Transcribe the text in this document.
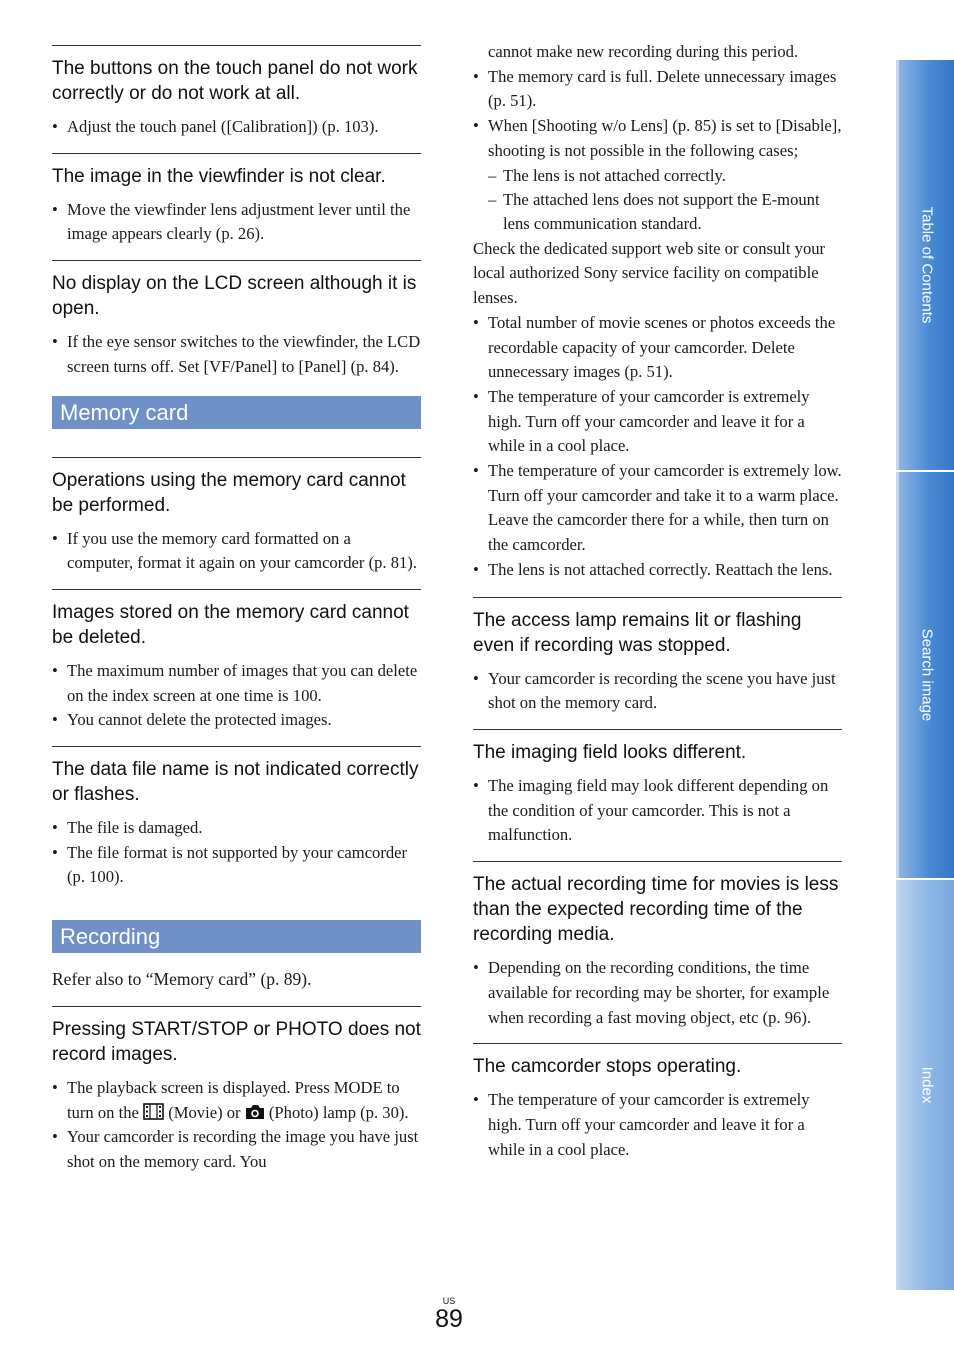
The buttons on the touch panel do not work correctly or do not work at all.

• Adjust the touch panel ([Calibration]) (p. 103).

The image in the viewfinder is not clear.

• Move the viewfinder lens adjustment lever until the image appears clearly (p. 26).

No display on the LCD screen although it is open.

• If the eye sensor switches to the viewfinder, the LCD screen turns off. Set [VF/Panel] to [Panel] (p. 84).
Memory card

Operations using the memory card cannot be performed.

• If you use the memory card formatted on a computer, format it again on your camcorder (p. 81).

Images stored on the memory card cannot be deleted.

• The maximum number of images that you can delete on the index screen at one time is 100.
• You cannot delete the protected images.

The data file name is not indicated correctly or flashes.

• The file is damaged.
• The file format is not supported by your camcorder (p. 100).
Recording

Refer also to “Memory card” (p. 89).

Pressing START/STOP or PHOTO does not record images.

• The playback screen is displayed. Press MODE to turn on the (Movie) or (Photo) lamp (p. 30).
• Your camcorder is recording the image you have just shot on the memory card. You

cannot make new recording during this period.

• The memory card is full. Delete unnecessary images (p. 51).
• When [Shooting w/o Lens] (p. 85) is set to [Disable], shooting is not possible in the following cases;
– The lens is not attached correctly.
– The attached lens does not support the E-mount lens communication standard.

Check the dedicated support web site or consult your local authorized Sony service facility on compatible lenses.

• Total number of movie scenes or photos exceeds the recordable capacity of your camcorder. Delete unnecessary images (p. 51).
• The temperature of your camcorder is extremely high. Turn off your camcorder and leave it for a while in a cool place.
• The temperature of your camcorder is extremely low. Turn off your camcorder and take it to a warm place. Leave the camcorder there for a while, then turn on the camcorder.
• The lens is not attached correctly. Reattach the lens.

The access lamp remains lit or flashing even if recording was stopped.

• Your camcorder is recording the scene you have just shot on the memory card.

The imaging field looks different.

• The imaging field may look different depending on the condition of your camcorder. This is not a malfunction.

The actual recording time for movies is less than the expected recording time of the recording media.

• Depending on the recording conditions, the time available for recording may be shorter, for example when recording a fast moving object, etc (p. 96).

The camcorder stops operating.

• The temperature of your camcorder is extremely high. Turn off your camcorder and leave it for a while in a cool place.
Table of Contents
Search image
Index
US
89
